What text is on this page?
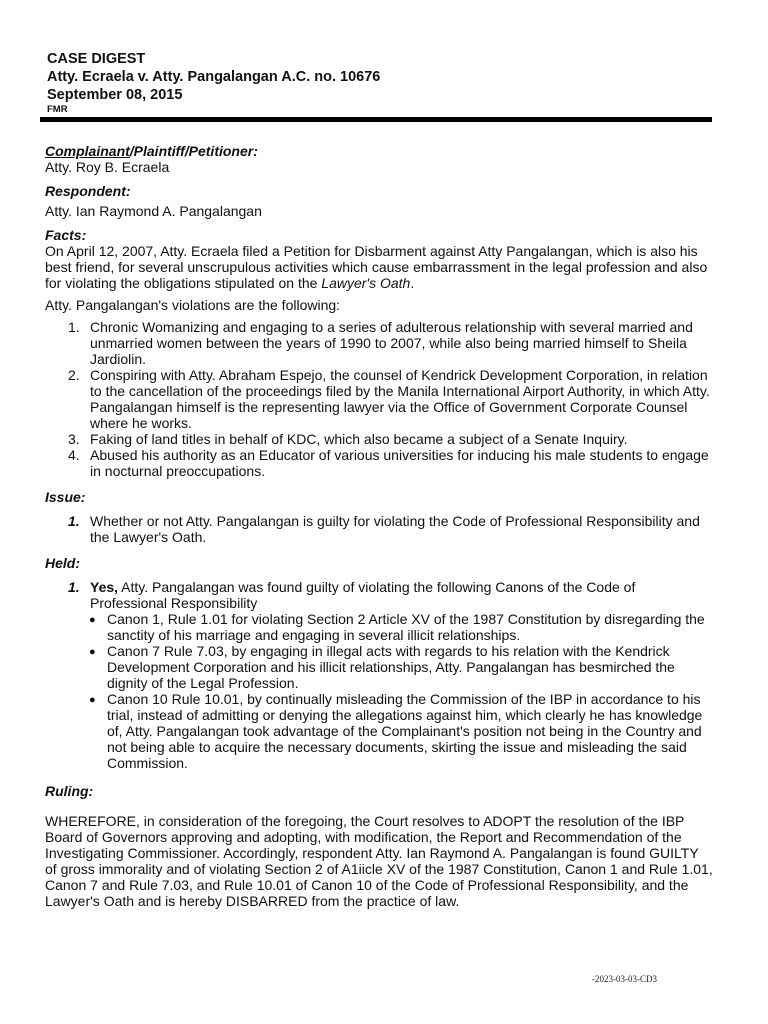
CASE DIGEST

Atty. Ecraela v. Atty. Pangalangan A.C. no. 10676

September 08, 2015

FMR

Complainant/Plaintiff/Petitioner:

Atty. Roy B. Ecraela

Respondent:

Atty. Ian Raymond A. Pangalangan

Facts:

On April 12, 2007, Atty. Ecraela filed a Petition for Disbarment against Atty Pangalangan, which is also his best friend, for several unscrupulous activities which cause embarrassment in the legal profession and also for violating the obligations stipulated on the Lawyer's Oath.

Atty. Pangalangan's violations are the following:

1. Chronic Womanizing and engaging to a series of adulterous relationship with several married and unmarried women between the years of 1990 to 2007, while also being married himself to Sheila Jardiolin.
2. Conspiring with Atty. Abraham Espejo, the counsel of Kendrick Development Corporation, in relation to the cancellation of the proceedings filed by the Manila International Airport Authority, in which Atty. Pangalangan himself is the representing lawyer via the Office of Government Corporate Counsel where he works.
3. Faking of land titles in behalf of KDC, which also became a subject of a Senate Inquiry.
4. Abused his authority as an Educator of various universities for inducing his male students to engage in nocturnal preoccupations.

Issue:

1. Whether or not Atty. Pangalangan is guilty for violating the Code of Professional Responsibility and the Lawyer's Oath.

Held:

1. Yes, Atty. Pangalangan was found guilty of violating the following Canons of the Code of Professional Responsibility
● Canon 1, Rule 1.01 for violating Section 2 Article XV of the 1987 Constitution by disregarding the sanctity of his marriage and engaging in several illicit relationships.
● Canon 7 Rule 7.03, by engaging in illegal acts with regards to his relation with the Kendrick Development Corporation and his illicit relationships, Atty. Pangalangan has besmirched the dignity of the Legal Profession.
● Canon 10 Rule 10.01, by continually misleading the Commission of the IBP in accordance to his trial, instead of admitting or denying the allegations against him, which clearly he has knowledge of, Atty. Pangalangan took advantage of the Complainant's position not being in the Country and not being able to acquire the necessary documents, skirting the issue and misleading the said Commission.

Ruling:

WHEREFORE, in consideration of the foregoing, the Court resolves to ADOPT the resolution of the IBP Board of Governors approving and adopting, with modification, the Report and Recommendation of the Investigating Commissioner. Accordingly, respondent Atty. Ian Raymond A. Pangalangan is found GUILTY of gross immorality and of violating Section 2 of A1iicle XV of the 1987 Constitution, Canon 1 and Rule 1.01, Canon 7 and Rule 7.03, and Rule 10.01 of Canon 10 of the Code of Professional Responsibility, and the Lawyer's Oath and is hereby DISBARRED from the practice of law.

-2023-03-03-CD3
